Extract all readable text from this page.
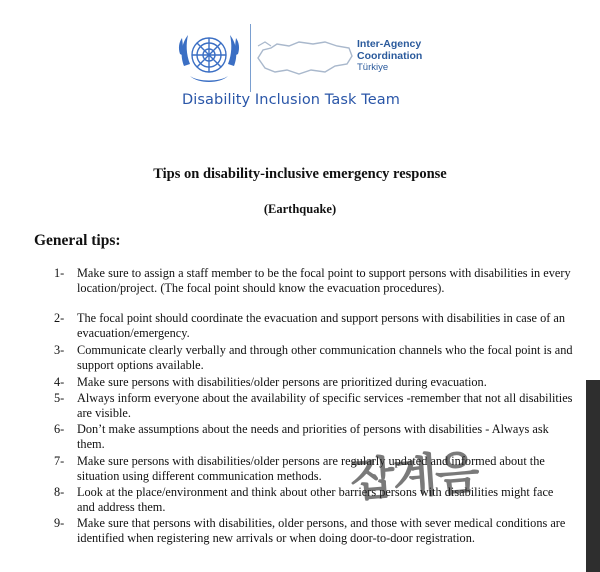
Inter-Agency
Coordination
Türkiye
Disability Inclusion Task Team
Tips on disability-inclusive emergency response
(Earthquake)
General tips:
1-	Make sure to assign a staff member to be the focal point to support persons with disabilities in every location/project. (The focal point should know the evacuation procedures).
2-	The focal point should coordinate the evacuation and support persons with disabilities in case of an evacuation/emergency.
3-	Communicate clearly verbally and through other communication channels who the focal point is and support options available.
4-	Make sure persons with disabilities/older persons are prioritized during evacuation.
5-	Always inform everyone about the availability of specific services -remember that not all disabilities are visible.
6-	Don’t make assumptions about the needs and priorities of persons with disabilities - Always ask them.
7-	Make sure persons with disabilities/older persons are regularly updated and informed about the situation using different communication methods.
8-	Look at the place/environment and think about other barriers persons with disabilities might face and address them.
9-	Make sure that persons with disabilities, older persons, and those with sever medical conditions are identified when registering new arrivals or when doing door-to-door registration.
잡계음
